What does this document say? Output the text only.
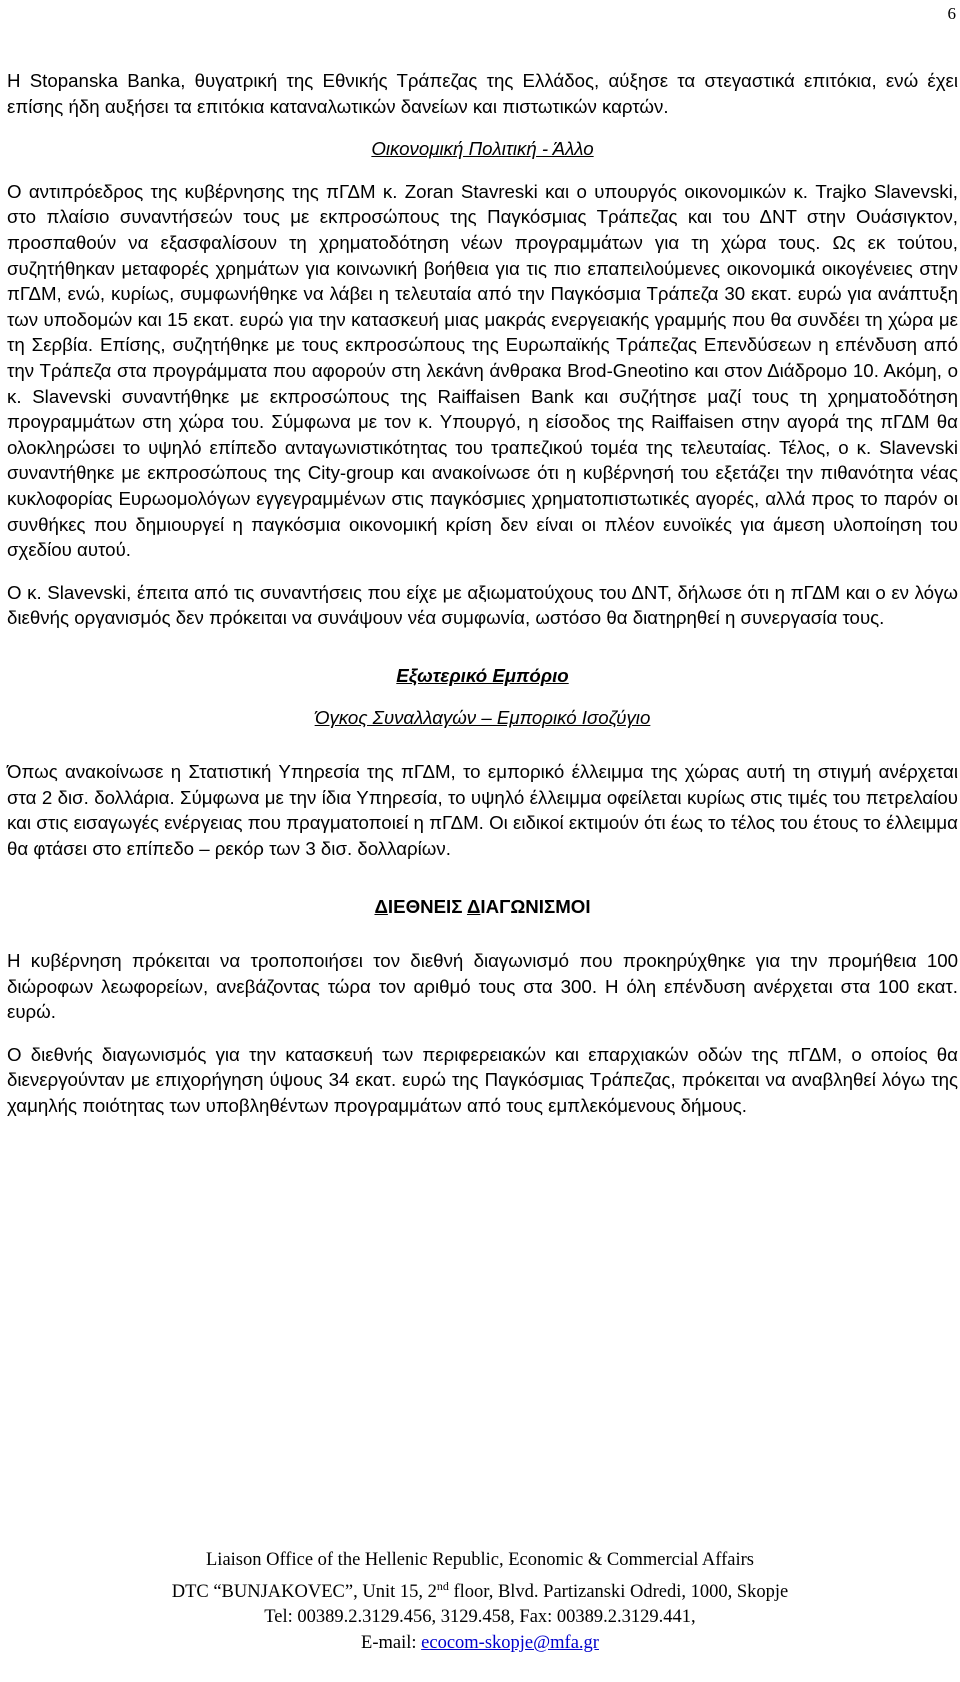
6

Η Stopanska Banka, θυγατρική της Εθνικής Τράπεζας της Ελλάδος, αύξησε τα στεγαστικά επιτόκια, ενώ έχει επίσης ήδη αυξήσει τα επιτόκια καταναλωτικών δανείων και πιστωτικών καρτών.

Οικονομική Πολιτική - Άλλο

Ο αντιπρόεδρος της κυβέρνησης της πΓΔΜ κ. Zoran Stavreski και ο υπουργός οικονομικών κ. Trajko Slavevski, στο πλαίσιο συναντήσεών τους με εκπροσώπους της Παγκόσμιας Τράπεζας και του ΔΝΤ στην Ουάσιγκτον, προσπαθούν να εξασφαλίσουν τη χρηματοδότηση νέων προγραμμάτων για τη χώρα τους. Ως εκ τούτου, συζητήθηκαν μεταφορές χρημάτων για κοινωνική βοήθεια για τις πιο επαπειλούμενες οικονομικά οικογένειες στην πΓΔΜ, ενώ, κυρίως, συμφωνήθηκε να λάβει η τελευταία από την Παγκόσμια Τράπεζα 30 εκατ. ευρώ για ανάπτυξη των υποδομών και 15 εκατ. ευρώ για την κατασκευή μιας μακράς ενεργειακής γραμμής που θα συνδέει τη χώρα με τη Σερβία. Επίσης, συζητήθηκε με τους εκπροσώπους της Ευρωπαϊκής Τράπεζας Επενδύσεων η επένδυση από την Τράπεζα στα προγράμματα που αφορούν στη λεκάνη άνθρακα Brod-Gneotino και στον Διάδρομο 10. Ακόμη, ο κ. Slavevski συναντήθηκε με εκπροσώπους της Raiffaisen Bank και συζήτησε μαζί τους τη χρηματοδότηση προγραμμάτων στη χώρα του. Σύμφωνα με τον κ. Υπουργό, η είσοδος της Raiffaisen στην αγορά της πΓΔΜ θα ολοκληρώσει το υψηλό επίπεδο ανταγωνιστικότητας του τραπεζικού τομέα της τελευταίας. Τέλος, ο κ. Slavevski συναντήθηκε με εκπροσώπους της City-group και ανακοίνωσε ότι η κυβέρνησή του εξετάζει την πιθανότητα νέας κυκλοφορίας Ευρωομολόγων εγγεγραμμένων στις παγκόσμιες χρηματοπιστωτικές αγορές, αλλά προς το παρόν οι συνθήκες που δημιουργεί η παγκόσμια οικονομική κρίση δεν είναι οι πλέον ευνοϊκές για άμεση υλοποίηση του σχεδίου αυτού.

Ο κ. Slavevski, έπειτα από τις συναντήσεις που είχε με αξιωματούχους του ΔΝΤ, δήλωσε ότι η πΓΔΜ και ο εν λόγω διεθνής οργανισμός δεν πρόκειται να συνάψουν νέα συμφωνία, ωστόσο θα διατηρηθεί η συνεργασία τους.

Εξωτερικό Εμπόριο

Όγκος Συναλλαγών – Εμπορικό Ισοζύγιο

Όπως ανακοίνωσε η Στατιστική Υπηρεσία της πΓΔΜ, το εμπορικό έλλειμμα της χώρας αυτή τη στιγμή ανέρχεται στα 2 δισ. δολλάρια. Σύμφωνα με την ίδια Υπηρεσία, το υψηλό έλλειμμα οφείλεται κυρίως στις τιμές του πετρελαίου και στις εισαγωγές ενέργειας που πραγματοποιεί η πΓΔΜ. Οι ειδικοί εκτιμούν ότι έως το τέλος του έτους το έλλειμμα θα φτάσει στο επίπεδο – ρεκόρ των 3 δισ. δολλαρίων.

ΔΙΕΘΝΕΙΣ ΔΙΑΓΩΝΙΣΜΟΙ

Η κυβέρνηση πρόκειται να τροποποιήσει τον διεθνή διαγωνισμό που προκηρύχθηκε για την προμήθεια 100 διώροφων λεωφορείων, ανεβάζοντας τώρα τον αριθμό τους στα 300. Η όλη επένδυση ανέρχεται στα 100 εκατ. ευρώ.

Ο διεθνής διαγωνισμός για την κατασκευή των περιφερειακών και επαρχιακών οδών της πΓΔΜ, ο οποίος θα διενεργούνταν με επιχορήγηση ύψους 34 εκατ. ευρώ της Παγκόσμιας Τράπεζας, πρόκειται να αναβληθεί λόγω της χαμηλής ποιότητας των υποβληθέντων προγραμμάτων από τους εμπλεκόμενους δήμους.

Liaison Office of the Hellenic Republic, Economic & Commercial Affairs

DTC “BUNJAKOVEC”, Unit 15, 2nd floor, Blvd. Partizanski Odredi, 1000, Skopje

Tel: 00389.2.3129.456, 3129.458, Fax: 00389.2.3129.441,

E-mail: ecocom-skopje@mfa.gr
